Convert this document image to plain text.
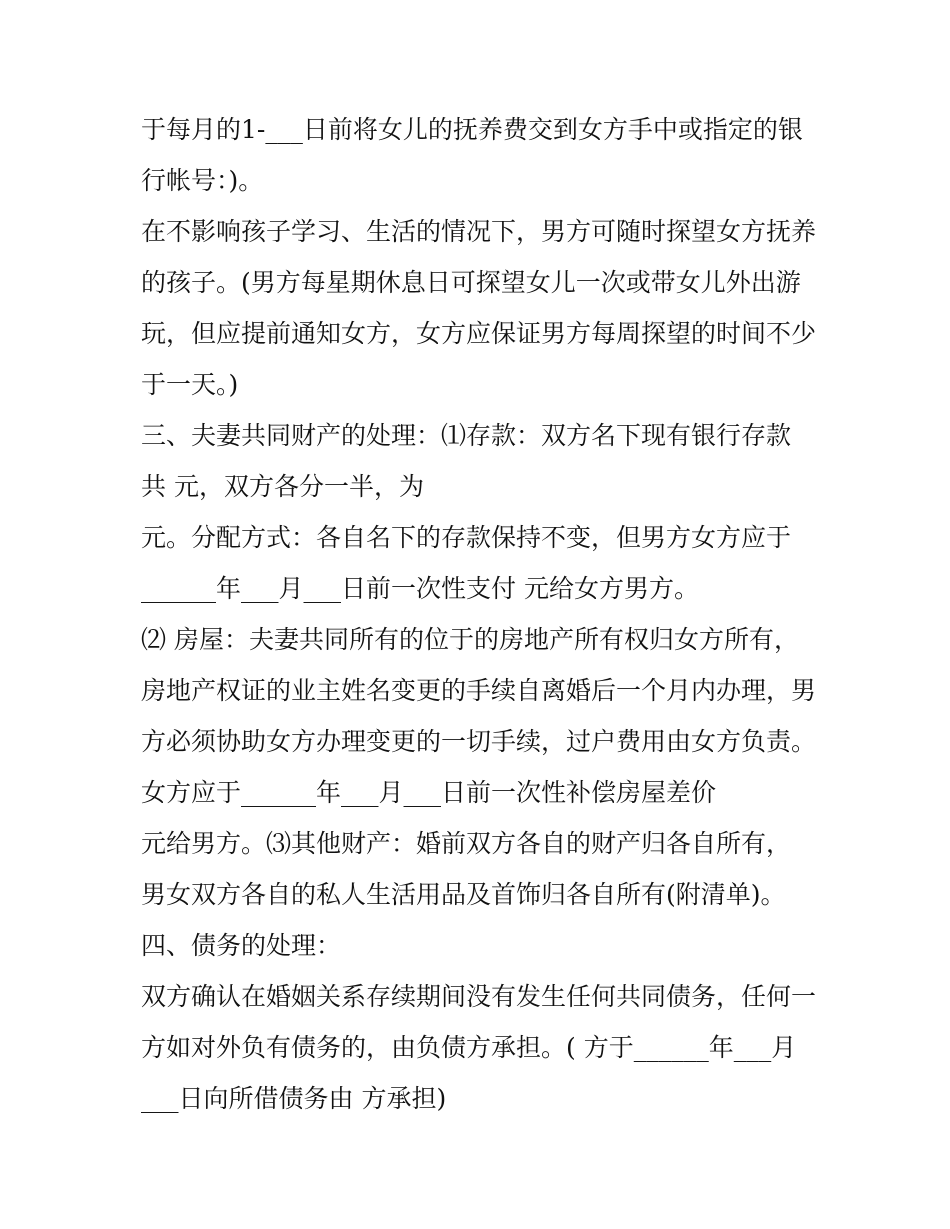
于每月的1-___日前将女儿的抚养费交到女方手中或指定的银
行帐号：)。
在不影响孩子学习、生活的情况下，男方可随时探望女方抚养
的孩子。(男方每星期休息日可探望女儿一次或带女儿外出游
玩，但应提前通知女方，女方应保证男方每周探望的时间不少
于一天。)
三、夫妻共同财产的处理：⑴存款：双方名下现有银行存款
共 元，双方各分一半，为
元。分配方式：各自名下的存款保持不变，但男方女方应于
______年___月___日前一次性支付 元给女方男方。
⑵ 房屋：夫妻共同所有的位于的房地产所有权归女方所有，
房地产权证的业主姓名变更的手续自离婚后一个月内办理，男
方必须协助女方办理变更的一切手续，过户费用由女方负责。
女方应于______年___月___日前一次性补偿房屋差价
元给男方。⑶其他财产：婚前双方各自的财产归各自所有，
男女双方各自的私人生活用品及首饰归各自所有(附清单)。
四、债务的处理：
双方确认在婚姻关系存续期间没有发生任何共同债务，任何一
方如对外负有债务的，由负债方承担。( 方于______年___月
___日向所借债务由 方承担)
